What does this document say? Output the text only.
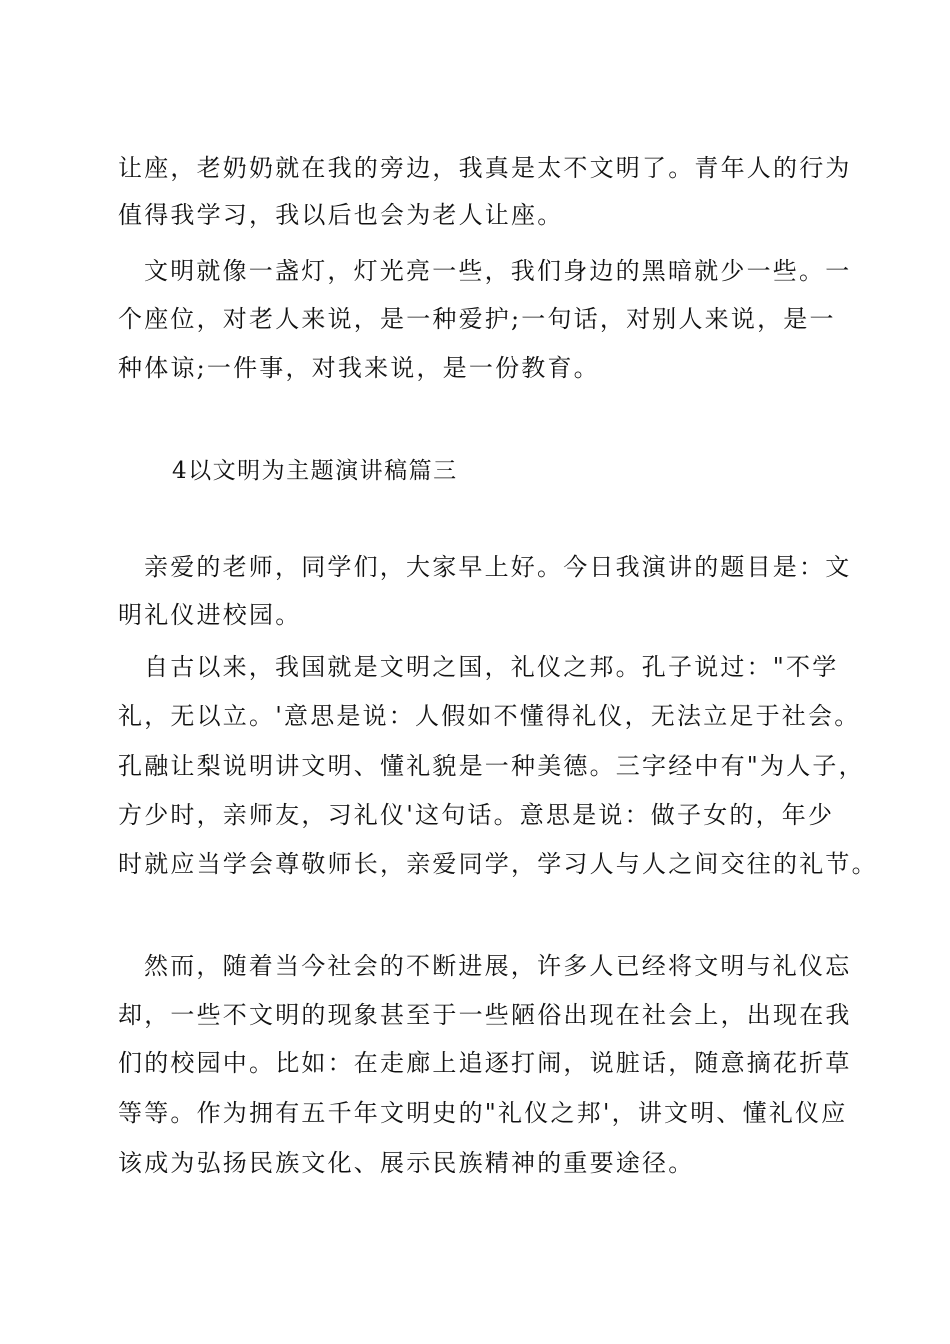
让座，老奶奶就在我的旁边，我真是太不文明了。青年人的行为
值得我学习，我以后也会为老人让座。
文明就像一盏灯，灯光亮一些，我们身边的黑暗就少一些。一
个座位，对老人来说，是一种爱护;一句话，对别人来说，是一
种体谅;一件事，对我来说，是一份教育。
4以文明为主题演讲稿篇三
亲爱的老师，同学们，大家早上好。今日我演讲的题目是：文
明礼仪进校园。
自古以来，我国就是文明之国，礼仪之邦。孔子说过："不学
礼，无以立。'意思是说：人假如不懂得礼仪，无法立足于社会。
孔融让梨说明讲文明、懂礼貌是一种美德。三字经中有"为人子，
方少时，亲师友，习礼仪'这句话。意思是说：做子女的，年少
时就应当学会尊敬师长，亲爱同学，学习人与人之间交往的礼节。
然而，随着当今社会的不断进展，许多人已经将文明与礼仪忘
却，一些不文明的现象甚至于一些陋俗出现在社会上，出现在我
们的校园中。比如：在走廊上追逐打闹，说脏话，随意摘花折草
等等。作为拥有五千年文明史的"礼仪之邦'，讲文明、懂礼仪应
该成为弘扬民族文化、展示民族精神的重要途径。
